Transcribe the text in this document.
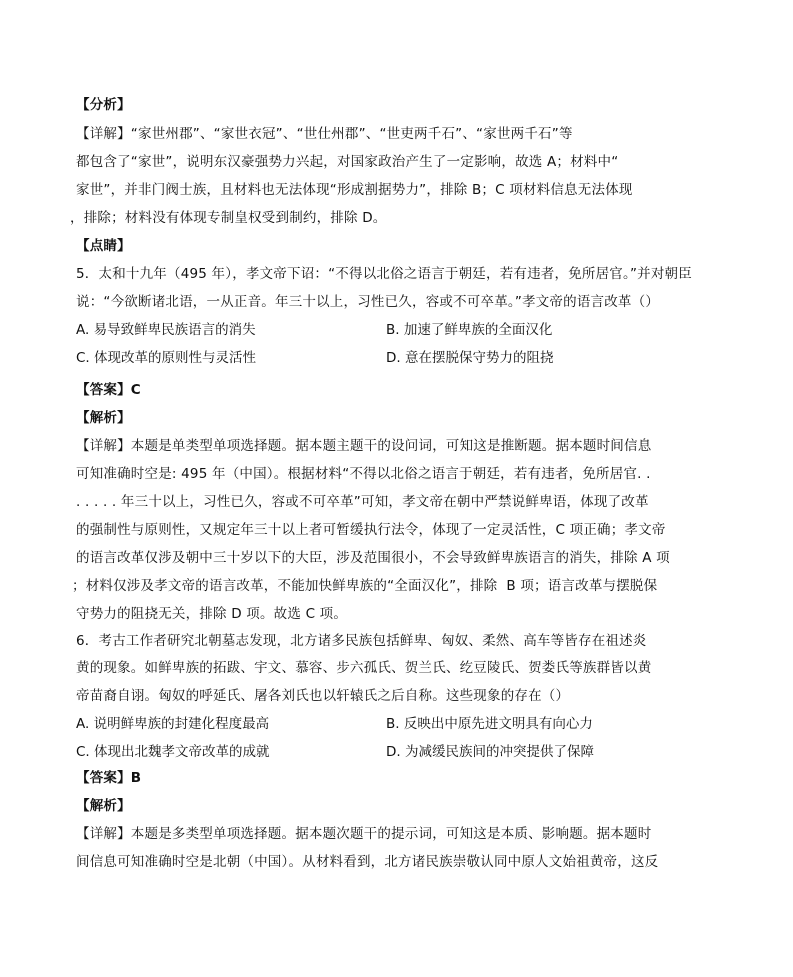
【分析】
【详解】“家世州郡”、“家世衣冠”、“世仕州郡”、“世吏两千石”、“家世两千石”等
都包含了“家世”，说明东汉豪强势力兴起，对国家政治产生了一定影响，故选 A；材料中“
家世”，并非门阀士族，且材料也无法体现“形成割据势力”，排除 B；C 项材料信息无法体现
，排除；材料没有体现专制皇权受到制约，排除 D。
【点睛】
5．太和十九年（495 年），孝文帝下诏：“不得以北俗之语言于朝廷，若有违者，免所居官。”并对朝臣
说：“今欲断诸北语，一从正音。年三十以上，习性已久，容或不可卒革。”孝文帝的语言改革（）
A. 易导致鲜卑民族语言的消失	B. 加速了鲜卑族的全面汉化
C. 体现改革的原则性与灵活性	D. 意在摆脱保守势力的阻挠
【答案】C
【解析】
【详解】本题是单类型单项选择题。据本题主题干的设问词，可知这是推断题。据本题时间信息
可知准确时空是: 495 年（中国）。根据材料“不得以北俗之语言于朝廷，若有违者，免所居官. .
. . . . . 年三十以上，习性已久，容或不可卒革”可知，孝文帝在朝中严禁说鲜卑语，体现了改革
的强制性与原则性，又规定年三十以上者可暂缓执行法令，体现了一定灵活性，C 项正确；孝文帝
的语言改革仅涉及朝中三十岁以下的大臣，涉及范围很小，不会导致鲜卑族语言的消失，排除 A 项
；材料仅涉及孝文帝的语言改革，不能加快鲜卑族的“全面汉化”，排除  B 项；语言改革与摆脱保
守势力的阻挠无关，排除 D 项。故选 C 项。
6．考古工作者研究北朝墓志发现，北方诸多民族包括鲜卑、匈奴、柔然、高车等皆存在祖述炎
黄的现象。如鲜卑族的拓跋、宇文、慕容、步六孤氏、贺兰氏、纥豆陵氏、贺娄氏等族群皆以黄
帝苗裔自诩。匈奴的呼延氏、屠各刘氏也以轩辕氏之后自称。这些现象的存在（）
A. 说明鲜卑族的封建化程度最高	B. 反映出中原先进文明具有向心力
C. 体现出北魏孝文帝改革的成就	D. 为减缓民族间的冲突提供了保障
【答案】B
【解析】
【详解】本题是多类型单项选择题。据本题次题干的提示词，可知这是本质、影响题。据本题时
间信息可知准确时空是北朝（中国）。从材料看到，北方诸民族崇敬认同中原人文始祖黄帝，这反
